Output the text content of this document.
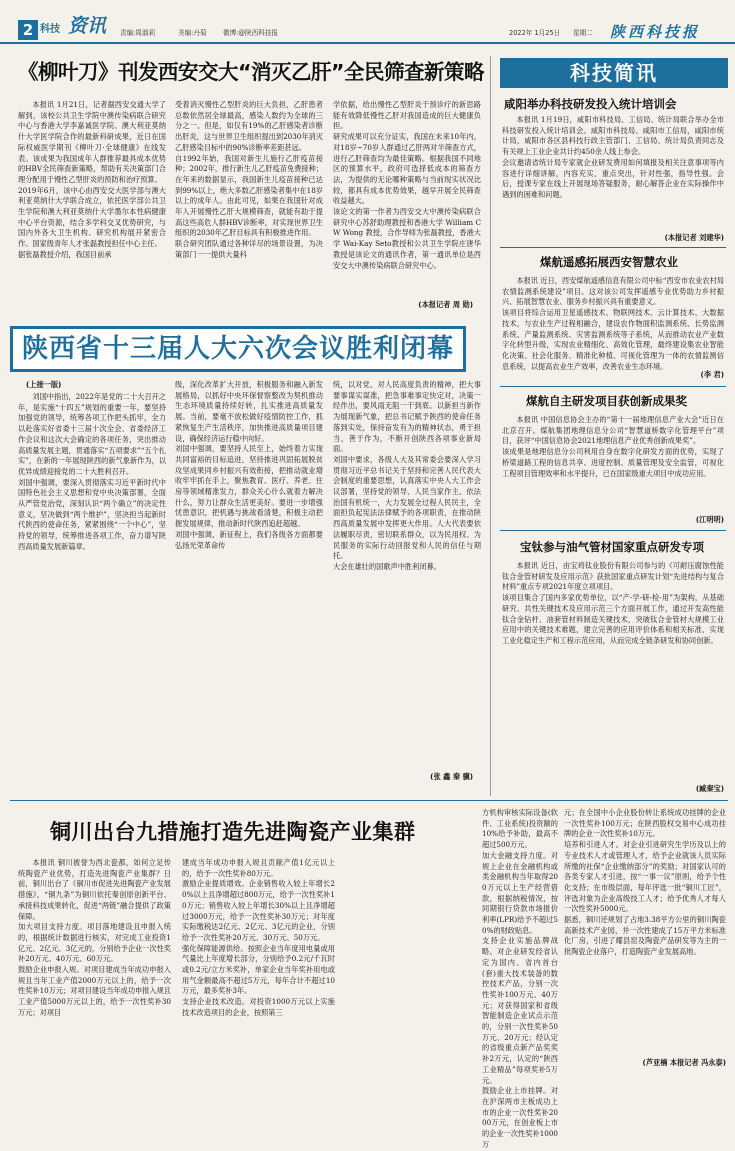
2 科技 资讯 责编:周淑莉	美编:丹菊 微博:@陕西科技报	2022年 1月25日 星期二 陕西科技报
《柳叶刀》刊发西安交大“消灭乙肝”全民筛查新策略

本报讯 1月21日，记者据西安交通大学了解到，该校公共卫生学院中澳传染病联合研究中心与香港大学李嘉诚医学院、澳大利亚莫纳什大学医学院合作的最新科研成果，近日在国际权威医学期刊《柳叶刀·全球健康》在线发表。该成果为我国成年人群推荐最具成本优势的HBV全民筛查新策略，帮助有关决策部门合理分配用于慢性乙型肝炎的预防和治疗预算。
2019年6月，该中心由西安交大医学部与澳大利亚莫纳什大学联合成立，依托医学部公共卫生学院和澳大利亚莫纳什大学墨尔本性病健康中心平台资源，结合多学科交叉优势研究，与国内外各大卫生机构、研究机构展开紧密合作。国家级青年人才张磊教授担任中心主任。
据张磊教授介绍，我国目前承

受着消灭慢性乙型肝炎的巨大负担，乙肝患者总数依然居全球最高，感染人数约为全球的三分之一。但是，如仅有19%的乙肝感染者诊断出肝炎，这与世界卫生组织提出到2030年消灭乙肝感染目标中的90%诊断率差距甚远。
自1992年始，我国对新生儿施行乙肝疫苗接种；2002年，推行新生儿乙肝疫苗免费接种；在年来的数据显示，我国新生儿疫苗接种已达到99%以上，绝大多数乙肝感染者集中在18岁以上的成年人。由此可见，如果在我国针对成年人开展慢性乙肝大规模筛查，就能有助于提高这些高危人群HBV诊断率，对实现世界卫生组织的2030年乙肝目标具有积极推进作用。
联合研究团队通过各种详尽的场景设置，为决策部门一一提供大量科

学依据，给出慢性乙型肝炎干预诊疗的新思路能有效降低慢性乙肝对我国造成的巨大健康负担。
研究成果可以充分证实，我国在未来10年内，对18岁~70岁人群通过乙肝两对半筛查方式，进行乙肝筛查均为最佳策略。根据我国不同地区的预算水平，政府可选择低成本的筛查方法，为提供的无论哪种策略与当前现实状况比较，都具有成本优势效果，越早开展全民筛查收益越大。
该论文的第一作者为西安交大中澳传染病联合研究中心苏舒助理教授和香港大学 William CW Wong 教授，合作导师为张磊教授，香港大学 Wai-Kay Seto教授和公共卫生学院庄唐华教授是该论文的通讯作者，第一通讯单位是西安交大中澳传染病联合研究中心。

(本报记者 周 勋)
陕西省十三届人大六次会议胜利闭幕
(上接一版)

刘国中指出，2022年是党的二十大召开之年，是实施“十四五”规划的重要一年。要坚持加强党的领导，统筹各项工作把头抓牢，全力以赴落实好省委十三届十次全会、省委经济工作会议和这次大会确定的各项任务，突出推动高质量发展主题，贯通落实“五项要求”“五个扎实”，在新的一年展现陕西的新气象新作为，以优异成绩迎接党的二十大胜利召开。
刘国中强调，要深入贯彻落实习近平新时代中国特色社会主义思想和党中央决策部署，全面从严管党治党，深刻认识“两个确立”的决定性意义，坚决做到“两个维护”，坚决担当起新时代陕西的使命任务，紧紧围绕“一个中心”，坚持党的领导，统筹推进各项工作，奋力谱写陕西高质量发展新篇章。

级，深化改革扩大开放，积极服务和融入新发展格局，以抓好中央环保督察整改为契机推动生态环境质量持续好转，扎实推进高质量发展。当前，要毫不放松做好疫情防控工作，抓紧恢复生产生活秩序，加快推进高质量项目建设，确保经济运行稳中向好。
刘国中强调，要坚持人民至上，始终着力实现共同富裕的目标追进，坚持推进巩固拓展脱贫攻坚成果同乡村振兴有效衔接，把推动就业增收牢牢抓在手上，聚焦教育、医疗、养老、住房等领域精准发力，群众关心什么就着力解决什么，努力让群众生活更美好。要进一步增强忧患意识，把机遇与挑战看清楚，积极主动把握发展规律，推动新时代陕西追赶超越。
刘国中强调，新征程上，我们各级各方面都要弘扬光荣革命传

统，以对党、对人民高度负责的精神，把大事要事谋实谋准，把急事难事定快定对，决策一经作出，要风雨无阻一干到底。以新担当新作为展现新气象，把总书记赋予陕西的使命任务落到实处，保持奋发有为的精神状态，勇于担当，善于作为，不断开创陕西各项事业新局面。
刘国中要求，各级人大及其常委会要深入学习贯彻习近平总书记关于坚持和完善人民代表大会制度的重要思想，认真落实中央人大工作会议部署，坚持党的领导、人民当家作主、依法治国有机统一，大力发展全过程人民民主，全面担负起宪法法律赋予的各项职责，在推动陕西高质量发展中发挥更大作用。人大代表要依法履职尽责，密切联系群众，以为民用权、为民服务的实际行动回报党和人民的信任与期托。
大会在雄壮的国歌声中胜利闭幕。

(张 鑫 秦 骥)
科技简讯
咸阳举办科技研发投入统计培训会

本报讯 1月19日，咸阳市科技局、工信局、统计局联合举办全市科技研发投入统计培训会。咸阳市科技局、咸阳市工信局，咸阳市统计局，咸阳市各区县科技行政主管部门、工信局、统计局负责同志及有关规上工业企业共计约450余人线上参会。
会议邀请省统计局专家就企业研发费用如何填报及相关注意事项等内容进行详细讲解，内容充实，重点突出，针对性强，指导性强。会后，授课专家在线上开展现场答疑服务，耐心解答企业在实际操作中遇到的困难和问题。

(本报记者 刘建华)
煤航遥感拓展西安智慧农业

本报讯 近日，西安煤航遥感信息有限公司中标“西安市农业农村局农情监测系统建设”项目。这对该公司发挥遥感专业优势助力乡村振兴、拓展智慧农业、服务乡村振兴具有重要意义。
该项目将综合运用卫星遥感技术、物联网技术、云计算技术、大数据技术，与农业生产过程相融合，建设农作物面积监测系统、长势监测系统、产量监测系统、灾害监测系统等子系统，从而推动农业产业数字化转型升级，实现农业精细化、高效化管理，最终建设集农业智能化决策、社会化服务、精准化种植、可视化管理为一体的农情监测信息系统，以提高农业生产效率，改善农业生态环境。

(李 君)
煤航自主研发项目获创新成果奖

本报讯 中国信息协会主办的“第十一届地理信息产业大会”近日在北京召开。煤航集团地理信息分公司“智慧道桥数字化管理平台”项目，获评“中国信息协会2021地理信息产业优秀创新成果奖”。
该成果是地理信息分公司利用自身在数字化研发方面的优势，实现了桥梁道路工程的信息共享、进度控制、质量管理及安全监管，可视化工程项目管理效率和水平提升，已在国家级重大项目中成功应用。

(江明明)
宝钛参与油气管材国家重点研发专项

本报讯 近日，由宝鸡钛业股份有限公司参与的《可耐压腐蚀性能钛合金管材研发及应用示范》获批国家重点研发计划“先进结构与复合材料”重点专项2021年度立项项目。
该项目集合了国内多家优势单位，以“产-学-研-检-用”为架构，从基础研究、共性关键技术及应用示范三个方面开展工作，通过开发高性能钛合金钻杆、油套管材料制造关键技术，突破钛合金管材大规模工业应用中的关键技术难题，建立完善的应用评价体系和相关标准，实现工业化稳定生产和工程示范应用，从而完成全链条研发和协同创新。

(臧秦宝)
铜川出台九措施打造先进陶瓷产业集群

本报讯 铜川被誉为西北瓷都，如何立足传统陶瓷产业优势，打造先进陶瓷产业集群？日前，铜川出台了《铜川市促进先进陶瓷产业发展措施》，“铜九条”为铜川依托秦创原创新平台、承接科技成果转化，促进“两链”融合提供了政策保障。
加大项目支持力度。项目落地建设且申报入统的，根据统计数据进行核实，对完成工业投资1亿元、2亿元、3亿元的，分别给予企业一次性奖补20万元、40万元、60万元。
鼓励企业申报入规。对项目建成当年成功申报入规且当年工业产值2000万元以上的，给予一次性奖补10万元；对项目建设当年成功申报入规且工业产值5000万元以上的，给予一次性奖补30万元；对项目

建成当年成功申报入规且贡献产值1亿元以上的，给予一次性奖补80万元。
激励企业提质增效。企业销售收入较上年增长20%以上且净增超过800万元，给予一次性奖补10万元；销售收入较上年增长30%以上且净增超过3000万元，给予一次性奖补30万元；对年度实际缴税达2亿元、2亿元、3亿元的企业，分别给予一次性奖补20万元、30万元、50万元。
强化保障能源供给。按照企业当年度用电量或用气量比上年度增长部分，分别给予0.2元/千瓦时或0.2元/立方米奖补，单家企业当年奖补用电或用气金额最高不超过5万元，每年合计不超过10万元，最多奖补3年。
支持企业技术改造。对投资1000万元以上实施技术改造项目的企业，按照第三

方机构审核实际设备(软件、工业系统)投资额的10%给予补助，最高不超过500万元。
加大金融支持力度。对规上企业在金融机构或类金融机构当年取得200万元以上生产经营借款，根据纳税情况，按同期银行贷款市场报价利率(LPR)给予不超过50%的财政贴息。
支持企业实施品牌战略。对企业研发经省认定为国内、省内首台(套)重大技术装备的数控技术产品，分别一次性奖补100万元、40万元；对获得国家和省级智能制造企业试点示范的，分别一次性奖补50万元、20万元；经认定的省级重点新产品奖奖补2万元，认定的“陕西工业精品”每项奖补5万元。
鼓励企业上市挂牌。对在沪深两市主板成功上市的企业一次性奖补2000万元，在创业板上市的企业一次性奖补1000万

元；在全国中小企业股份转让系统成功挂牌的企业一次性奖补100万元；在陕西股权交易中心成功挂牌的企业一次性奖补10万元。
培养和引进人才。对企业引进研究生学历及以上的专业技术人才或管理人才，给予企业就该人员实际所缴的社保“企业缴纳部分”的奖励；对国家认可的各类专家人才引进，按“一事一议”原则，给予个性化支持；在市级层面，每年评选一批“铜川工匠”，评选对象为企业高级技工人才；给予优秀人才每人一次性奖补5000元。
据悉，铜川还规划了占地3.38平方公里的铜川陶瓷高新技术产业园，并一次性建成了15万平方米标准化厂房，引进了耀县窑及陶瓷产品研发等为主的一批陶瓷企业落户，打造陶瓷产业发展高地。

(芦亚楠 本报记者 冯永泰)
